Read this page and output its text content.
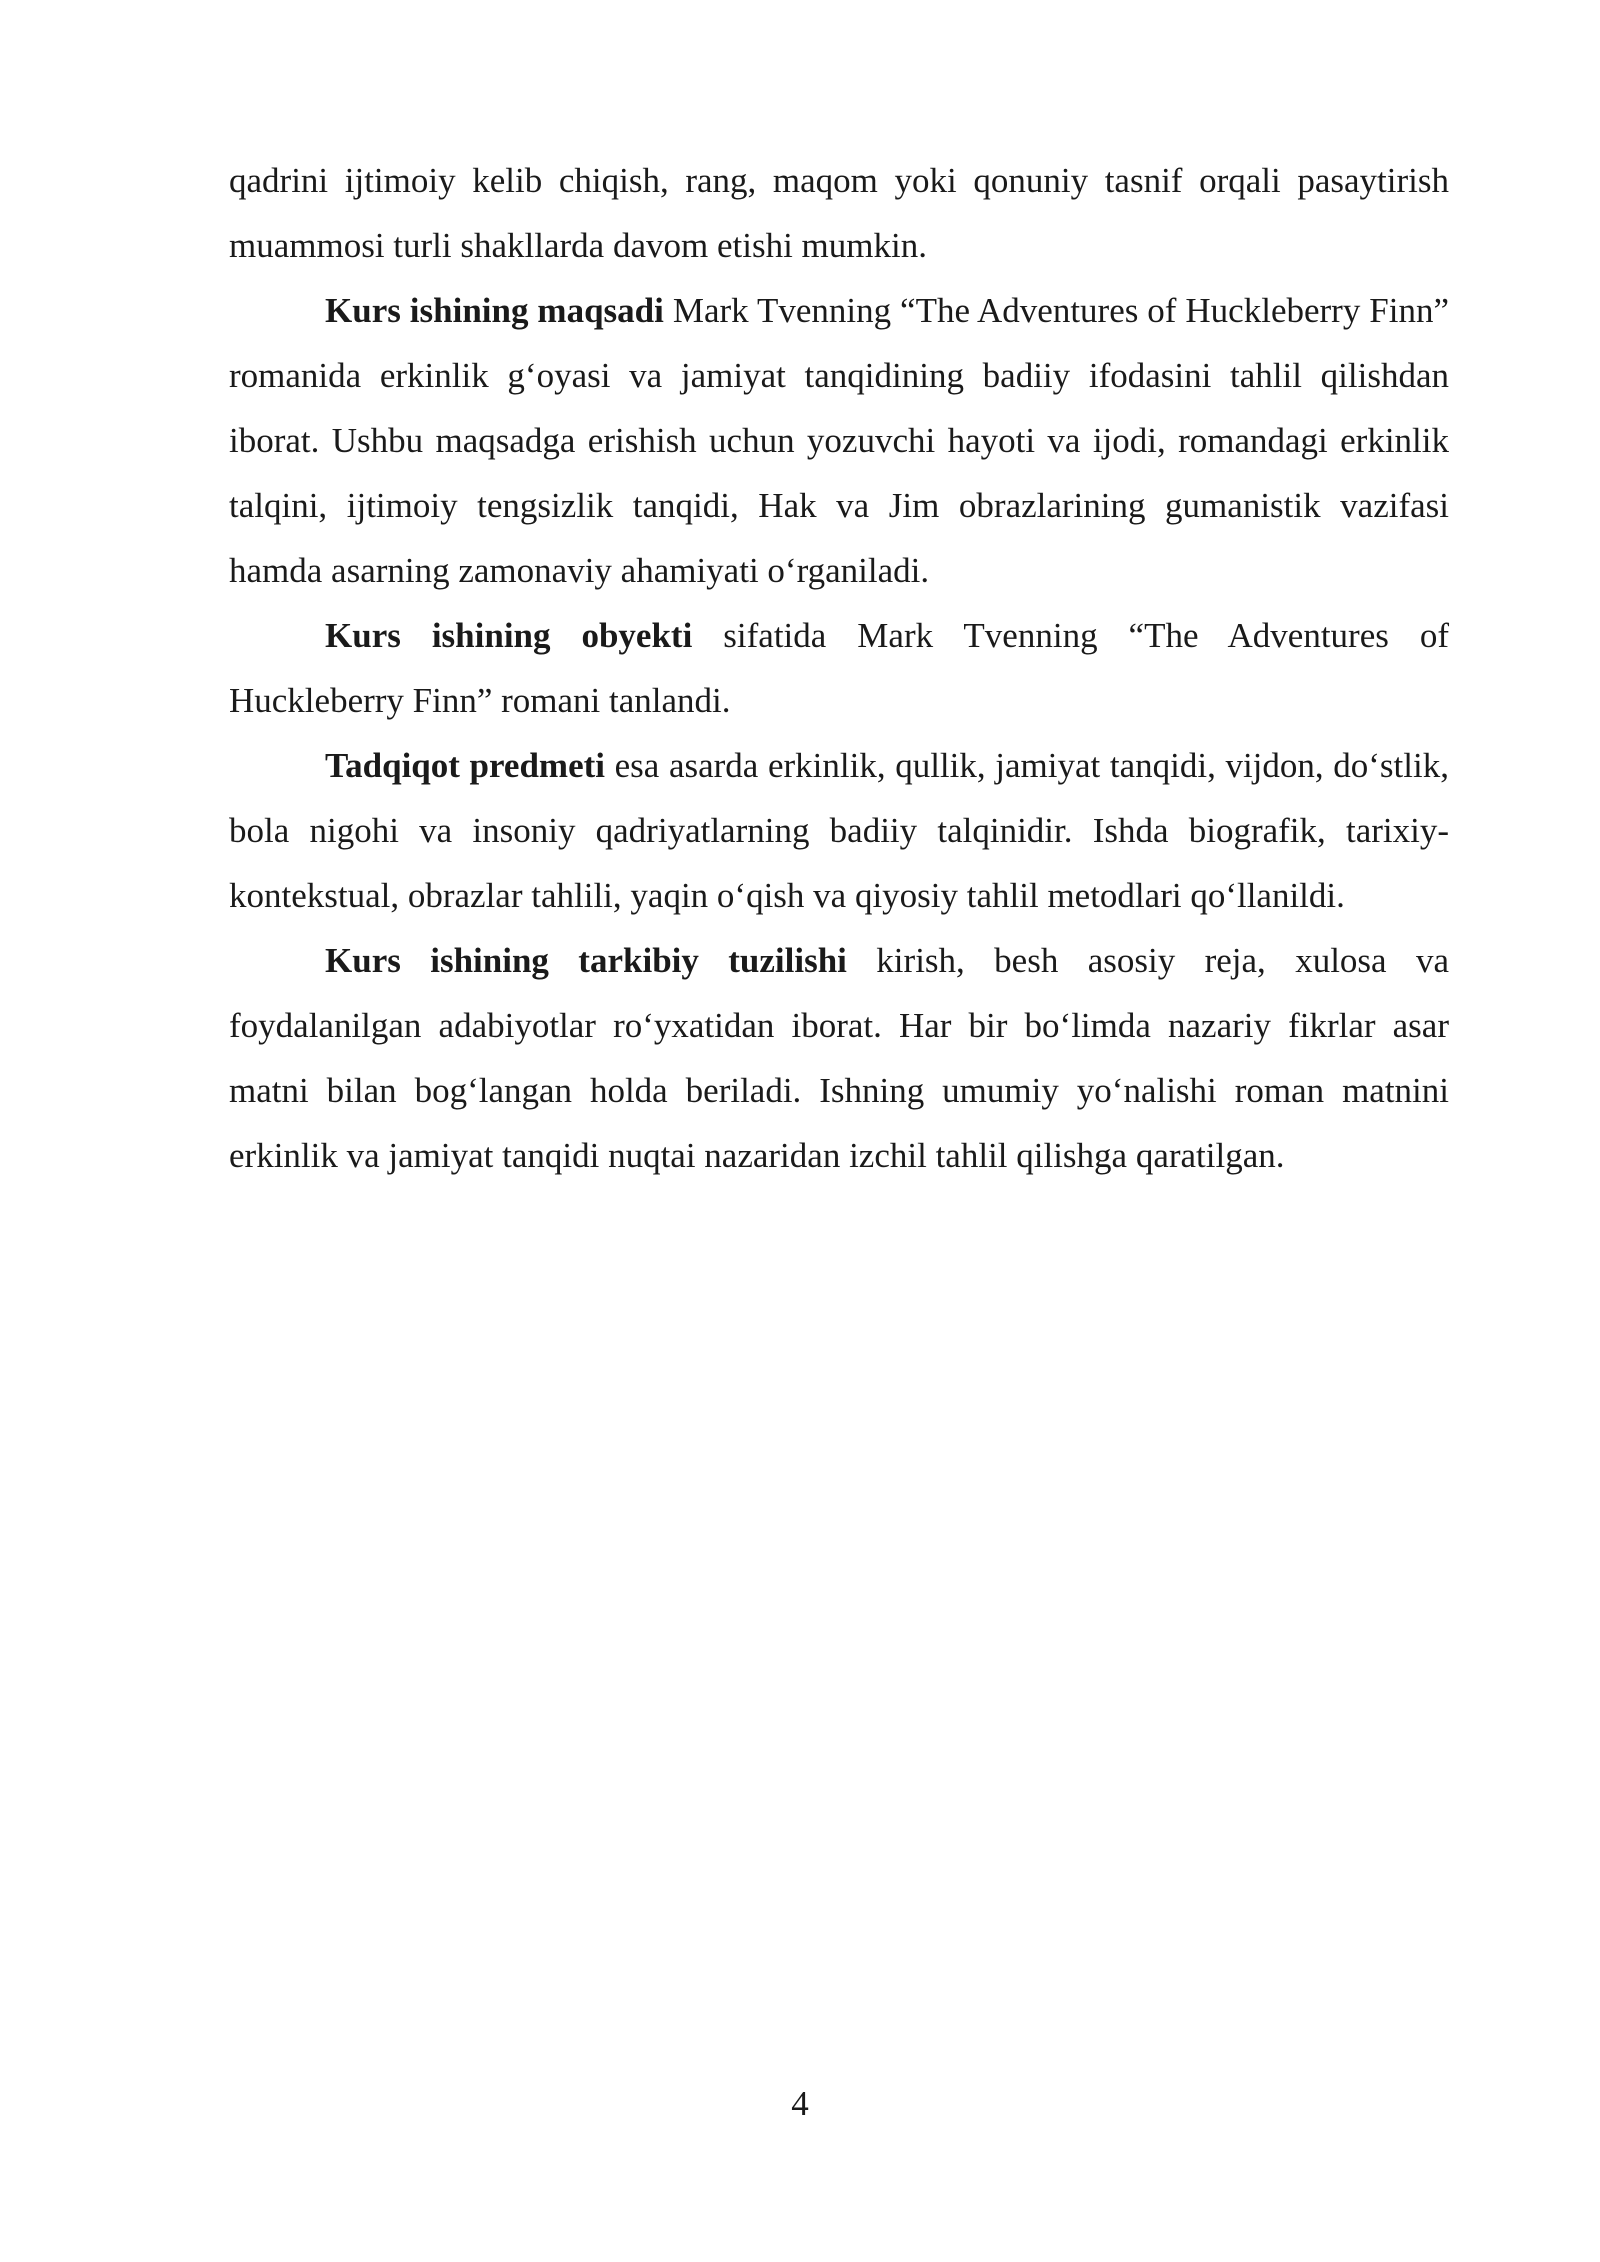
qadrini ijtimoiy kelib chiqish, rang, maqom yoki qonuniy tasnif orqali pasaytirish muammosi turli shakllarda davom etishi mumkin.

Kurs ishining maqsadi Mark Tvenning “The Adventures of Huckleberry Finn” romanida erkinlik g‘oyasi va jamiyat tanqidining badiiy ifodasini tahlil qilishdan iborat. Ushbu maqsadga erishish uchun yozuvchi hayoti va ijodi, romandagi erkinlik talqini, ijtimoiy tengsizlik tanqidi, Hak va Jim obrazlarining gumanistik vazifasi hamda asarning zamonaviy ahamiyati o‘rganiladi.

Kurs ishining obyekti sifatida Mark Tvenning “The Adventures of Huckleberry Finn” romani tanlandi.

Tadqiqot predmeti esa asarda erkinlik, qullik, jamiyat tanqidi, vijdon, do‘stlik, bola nigohi va insoniy qadriyatlarning badiiy talqinidir. Ishda biografik, tarixiy-kontekstual, obrazlar tahlili, yaqin o‘qish va qiyosiy tahlil metodlari qo‘llanildi.

Kurs ishining tarkibiy tuzilishi kirish, besh asosiy reja, xulosa va foydalanilgan adabiyotlar ro‘yxatidan iborat. Har bir bo‘limda nazariy fikrlar asar matni bilan bog‘langan holda beriladi. Ishning umumiy yo‘nalishi roman matnini erkinlik va jamiyat tanqidi nuqtai nazaridan izchil tahlil qilishga qaratilgan.

4
